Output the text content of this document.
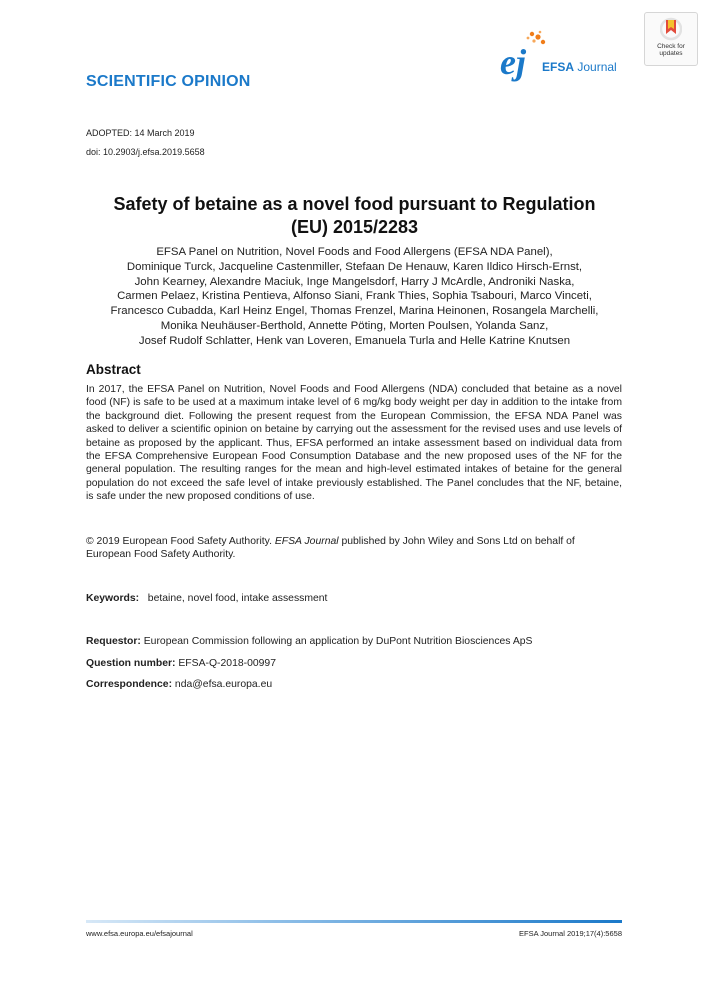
Check for
updates
SCIENTIFIC OPINION	ej EFSA Journal
ADOPTED: 14 March 2019
doi: 10.2903/j.efsa.2019.5658
Safety of betaine as a novel food pursuant to Regulation
(EU) 2015/2283
EFSA Panel on Nutrition, Novel Foods and Food Allergens (EFSA NDA Panel),
Dominique Turck, Jacqueline Castenmiller, Stefaan De Henauw, Karen Ildico Hirsch-Ernst,
John Kearney, Alexandre Maciuk, Inge Mangelsdorf, Harry J McArdle, Androniki Naska,
Carmen Pelaez, Kristina Pentieva, Alfonso Siani, Frank Thies, Sophia Tsabouri, Marco Vinceti,
Francesco Cubadda, Karl Heinz Engel, Thomas Frenzel, Marina Heinonen, Rosangela Marchelli,
Monika Neuhäuser-Berthold, Annette Pöting, Morten Poulsen, Yolanda Sanz,
Josef Rudolf Schlatter, Henk van Loveren, Emanuela Turla and Helle Katrine Knutsen
Abstract

In 2017, the EFSA Panel on Nutrition, Novel Foods and Food Allergens (NDA) concluded that betaine as a novel food (NF) is safe to be used at a maximum intake level of 6 mg/kg body weight per day in addition to the intake from the background diet. Following the present request from the European Commission, the EFSA NDA Panel was asked to deliver a scientific opinion on betaine by carrying out the assessment for the revised uses and use levels of betaine as proposed by the applicant. Thus, EFSA performed an intake assessment based on individual data from the EFSA Comprehensive European Food Consumption Database and the new proposed uses of the NF for the general population. The resulting ranges for the mean and high-level estimated intakes of betaine for the general population do not exceed the safe level of intake previously established. The Panel concludes that the NF, betaine, is safe under the new proposed conditions of use.

© 2019 European Food Safety Authority. EFSA Journal published by John Wiley and Sons Ltd on behalf of European Food Safety Authority.

Keywords: betaine, novel food, intake assessment
Requestor: European Commission following an application by DuPont Nutrition Biosciences ApS
Question number: EFSA-Q-2018-00997
Correspondence: nda@efsa.europa.eu
www.efsa.europa.eu/efsajournal	EFSA Journal 2019;17(4):5658
